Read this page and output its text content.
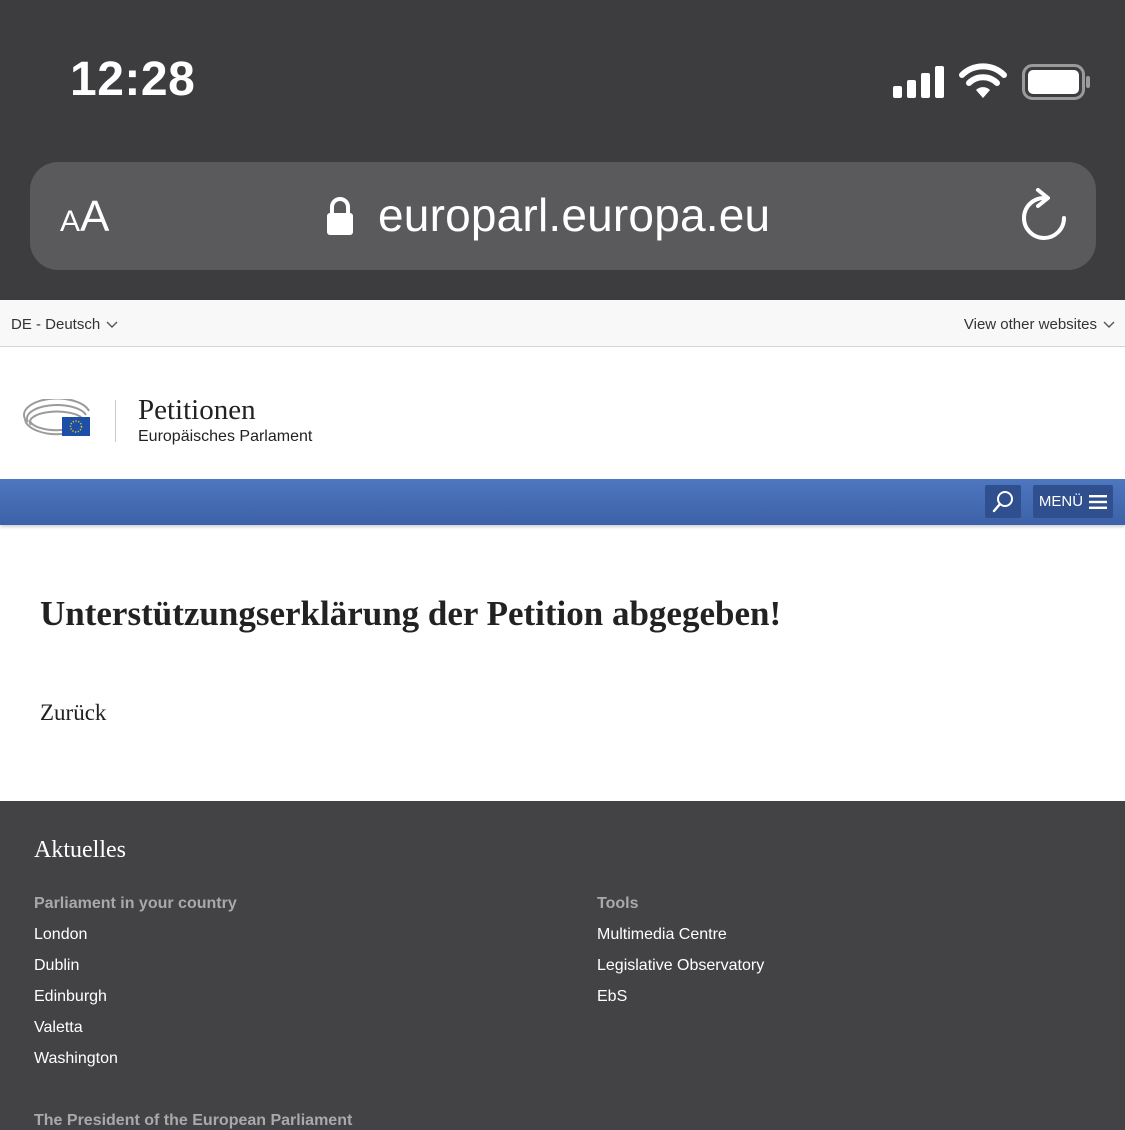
12:28
AA	europarl.europa.eu
DE - Deutsch	View other websites
Petitionen
Europäisches Parlament
MENÜ
Unterstützungserklärung der Petition abgegeben!
Zurück
Aktuelles
Parliament in your country
London
Dublin
Edinburgh
Valetta
Washington
Tools
Multimedia Centre
Legislative Observatory
EbS
The President of the European Parliament
